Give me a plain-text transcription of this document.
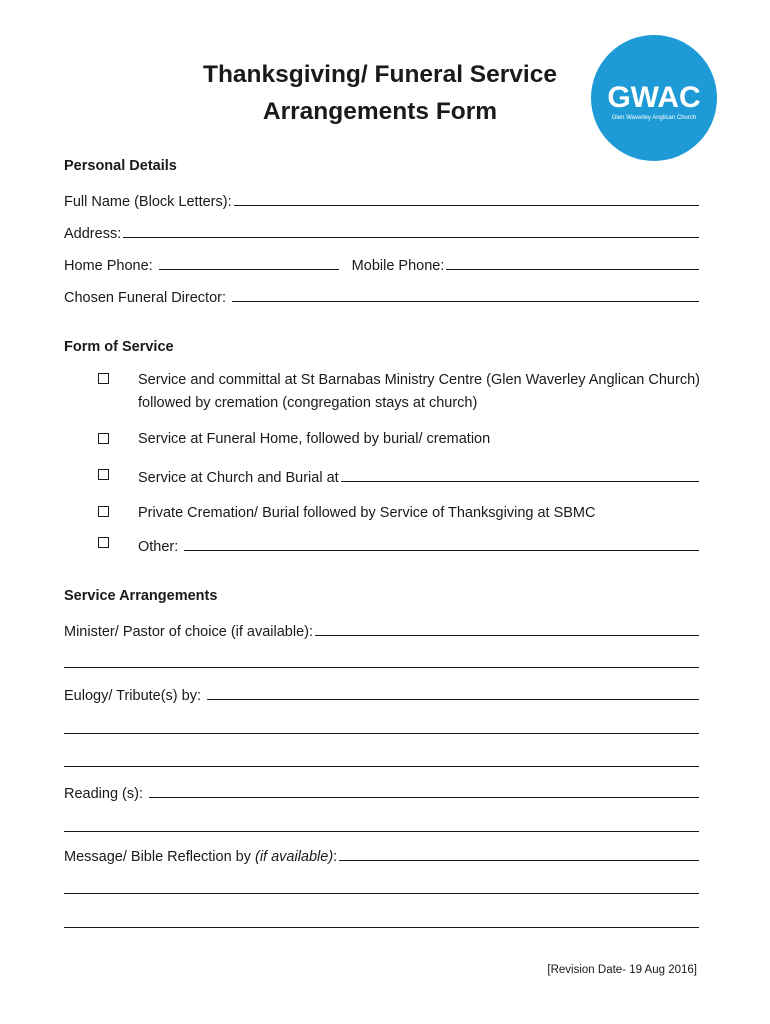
Thanksgiving/ Funeral Service
Arrangements Form	GWAC
Glen Waverley Anglican Church
Personal Details
Full Name (Block Letters):
Address:
Home Phone:	Mobile Phone:
Chosen Funeral Director:
Form of Service
Service and committal at St Barnabas Ministry Centre (Glen Waverley Anglican Church) followed by cremation (congregation stays at church)
Service at Funeral Home, followed by burial/ cremation
Service at Church and Burial at
Private Cremation/ Burial followed by Service of Thanksgiving at SBMC
Other:
Service Arrangements
Minister/ Pastor of choice (if available):
Eulogy/ Tribute(s) by:
Reading (s):
Message/ Bible Reflection by (if available) :
[Revision Date- 19 Aug 2016]
